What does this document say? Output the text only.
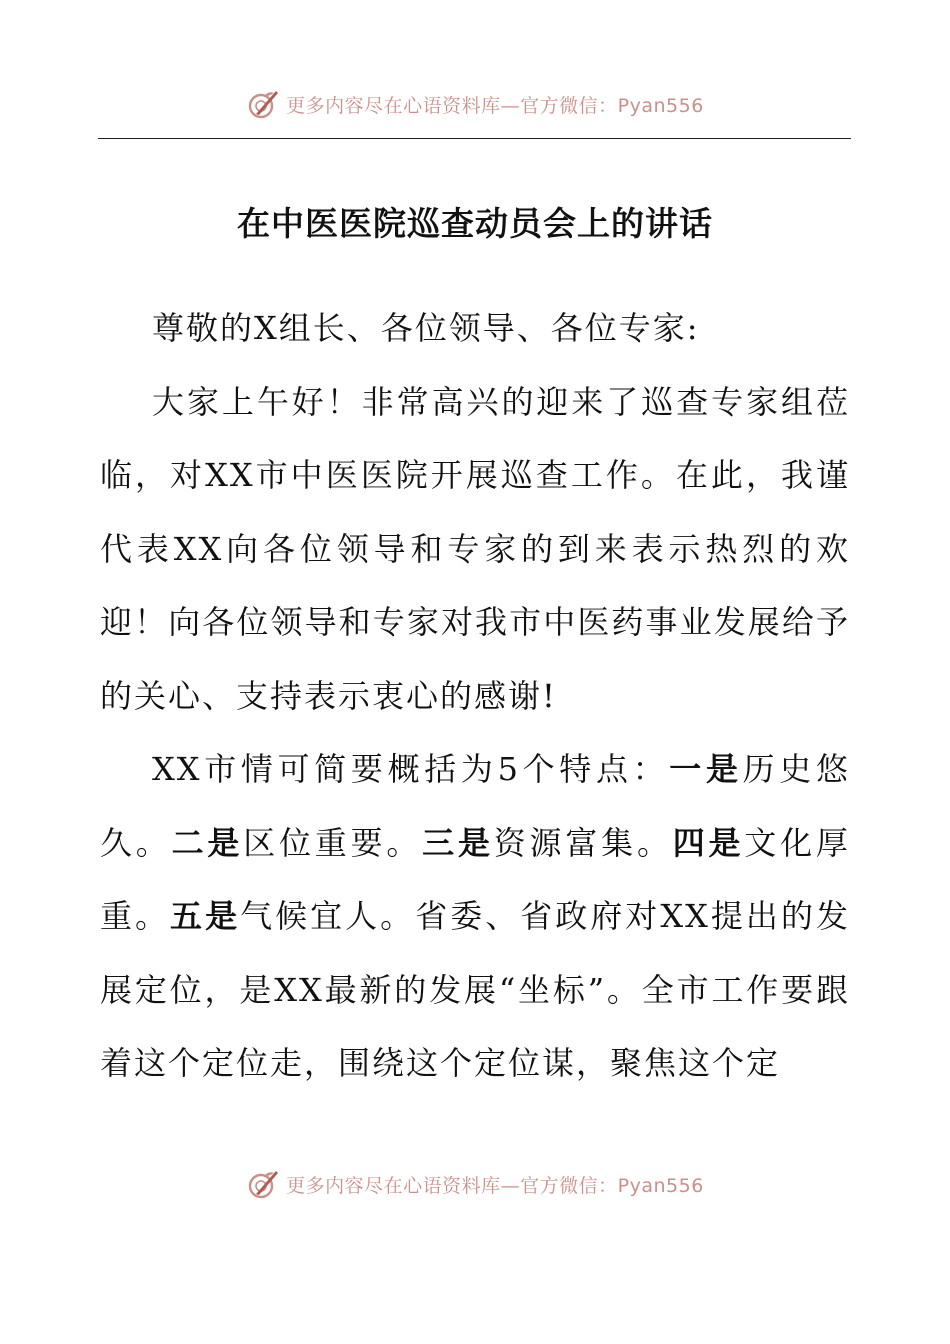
更多内容尽在心语资料库—官方微信：Pyan556
在中医医院巡查动员会上的讲话

尊敬的X组长、各位领导、各位专家:

大家上午好！非常高兴的迎来了巡查专家组莅临，对XX市中医医院开展巡查工作。在此，我谨代表XX向各位领导和专家的到来表示热烈的欢迎！向各位领导和专家对我市中医药事业发展给予的关心、支持表示衷心的感谢!

XX市情可简要概括为5个特点：一是历史悠久。二是区位重要。三是资源富集。四是文化厚重。五是气候宜人。省委、省政府对XX提出的发展定位，是XX最新的发展“坐标”。全市工作要跟着这个定位走，围绕这个定位谋，聚焦这个定

更多内容尽在心语资料库—官方微信：Pyan556
